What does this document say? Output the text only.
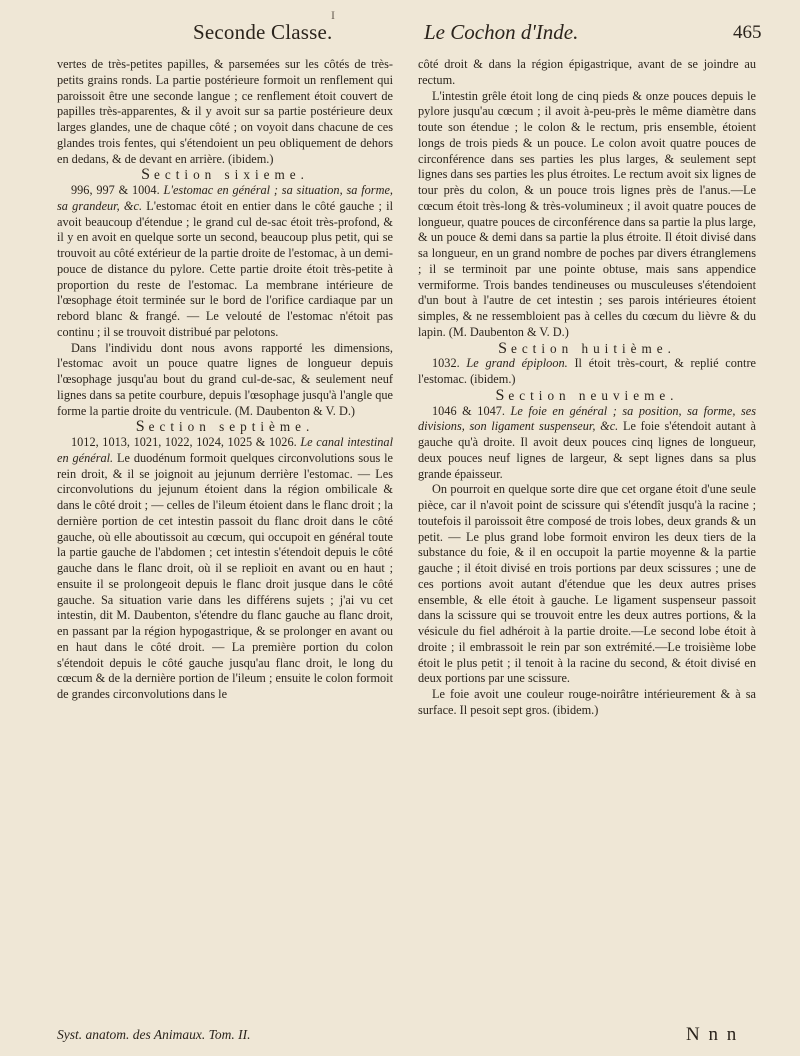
I
Seconde Classe.	Le Cochon d'Inde.	465

vertes de très-petites papilles, & parsemées sur les côtés de très-petits grains ronds. La partie postérieure formoit un renflement qui paroissoit être une seconde langue ; ce renflement étoit couvert de papilles très-apparentes, & il y avoit sur sa partie postérieure deux larges glandes, une de chaque côté ; on voyoit dans chacune de ces glandes trois fentes, qui s'étendoient un peu obliquement de dehors en dedans, & de devant en arrière. (ibidem.)

Section sixieme.

996, 997 & 1004. L'estomac en général ; sa situation, sa forme, sa grandeur, &c. L'estomac étoit en entier dans le côté gauche ; il avoit beaucoup d'étendue ; le grand cul de-sac étoit très-profond, & il y en avoit en quelque sorte un second, beaucoup plus petit, qui se trouvoit au côté extérieur de la partie droite de l'estomac, à un demi-pouce de distance du pylore. Cette partie droite étoit très-petite à proportion du reste de l'estomac. La membrane intérieure de l'œsophage étoit terminée sur le bord de l'orifice cardiaque par un rebord blanc & frangé. — Le velouté de l'estomac n'étoit pas continu ; il se trouvoit distribué par pelotons.

Dans l'individu dont nous avons rapporté les dimensions, l'estomac avoit un pouce quatre lignes de longueur depuis l'œsophage jusqu'au bout du grand cul-de-sac, & seulement neuf lignes dans sa petite courbure, depuis l'œsophage jusqu'à l'angle que forme la partie droite du ventricule. (M. Daubenton & V. D.)

Section septième.

1012, 1013, 1021, 1022, 1024, 1025 & 1026. Le canal intestinal en général. Le duodénum formoit quelques circonvolutions sous le rein droit, & il se joignoit au jejunum derrière l'estomac. — Les circonvolutions du jejunum étoient dans la région ombilicale & dans le côté droit ; — celles de l'ileum étoient dans le flanc droit ; la dernière portion de cet intestin passoit du flanc droit dans le côté gauche, où elle aboutissoit au cœcum, qui occupoit en général toute la partie gauche de l'abdomen ; cet intestin s'étendoit depuis le côté gauche dans le flanc droit, où il se replioit en avant ou en haut ; ensuite il se prolongeoit depuis le flanc droit jusque dans le côté gauche. Sa situation varie dans les différens sujets ; j'ai vu cet intestin, dit M. Daubenton, s'étendre du flanc gauche au flanc droit, en passant par la région hypogastrique, & se prolonger en avant ou en haut dans le côté droit. — La première portion du colon s'étendoit depuis le côté gauche jusqu'au flanc droit, le long du cœcum & de la dernière portion de l'ileum ; ensuite le colon formoit de grandes circonvolutions dans le

côté droit & dans la région épigastrique, avant de se joindre au rectum.

L'intestin grêle étoit long de cinq pieds & onze pouces depuis le pylore jusqu'au cœcum ; il avoit à-peu-près le même diamètre dans toute son étendue ; le colon & le rectum, pris ensemble, étoient longs de trois pieds & un pouce. Le colon avoit quatre pouces de circonférence dans ses parties les plus larges, & seulement sept lignes dans ses parties les plus étroites. Le rectum avoit six lignes de tour près du colon, & un pouce trois lignes près de l'anus.—Le cœcum étoit très-long & très-volumineux ; il avoit quatre pouces de longueur, quatre pouces de circonférence dans sa partie la plus large, & un pouce & demi dans sa partie la plus étroite. Il étoit divisé dans sa longueur, en un grand nombre de poches par divers étranglemens ; il se terminoit par une pointe obtuse, mais sans appendice vermiforme. Trois bandes tendineuses ou musculeuses s'étendoient d'un bout à l'autre de cet intestin ; ses parois intérieures étoient simples, & ne ressembloient pas à celles du cœcum du lièvre & du lapin. (M. Daubenton & V. D.)

Section huitième.

1032. Le grand épiploon. Il étoit très-court, & replié contre l'estomac. (ibidem.)

Section neuvieme.

1046 & 1047. Le foie en général ; sa position, sa forme, ses divisions, son ligament suspenseur, &c. Le foie s'étendoit autant à gauche qu'à droite. Il avoit deux pouces cinq lignes de longueur, deux pouces neuf lignes de largeur, & sept lignes dans sa plus grande épaisseur.

On pourroit en quelque sorte dire que cet organe étoit d'une seule pièce, car il n'avoit point de scissure qui s'étendît jusqu'à la racine ; toutefois il paroissoit être composé de trois lobes, deux grands & un petit. — Le plus grand lobe formoit environ les deux tiers de la substance du foie, & il en occupoit la partie moyenne & la partie gauche ; il étoit divisé en trois portions par deux scissures ; une de ces portions avoit autant d'étendue que les deux autres prises ensemble, & elle étoit à gauche. Le ligament suspenseur passoit dans la scissure qui se trouvoit entre les deux autres portions, & la vésicule du fiel adhéroit à la partie droite.—Le second lobe étoit à droite ; il embrassoit le rein par son extrémité.—Le troisième lobe étoit le plus petit ; il tenoit à la racine du second, & étoit divisé en deux portions par une scissure.

Le foie avoit une couleur rouge-noirâtre intérieurement & à sa surface. Il pesoit sept gros. (ibidem.)

Syst. anatom. des Animaux. Tom. II.	N n n
